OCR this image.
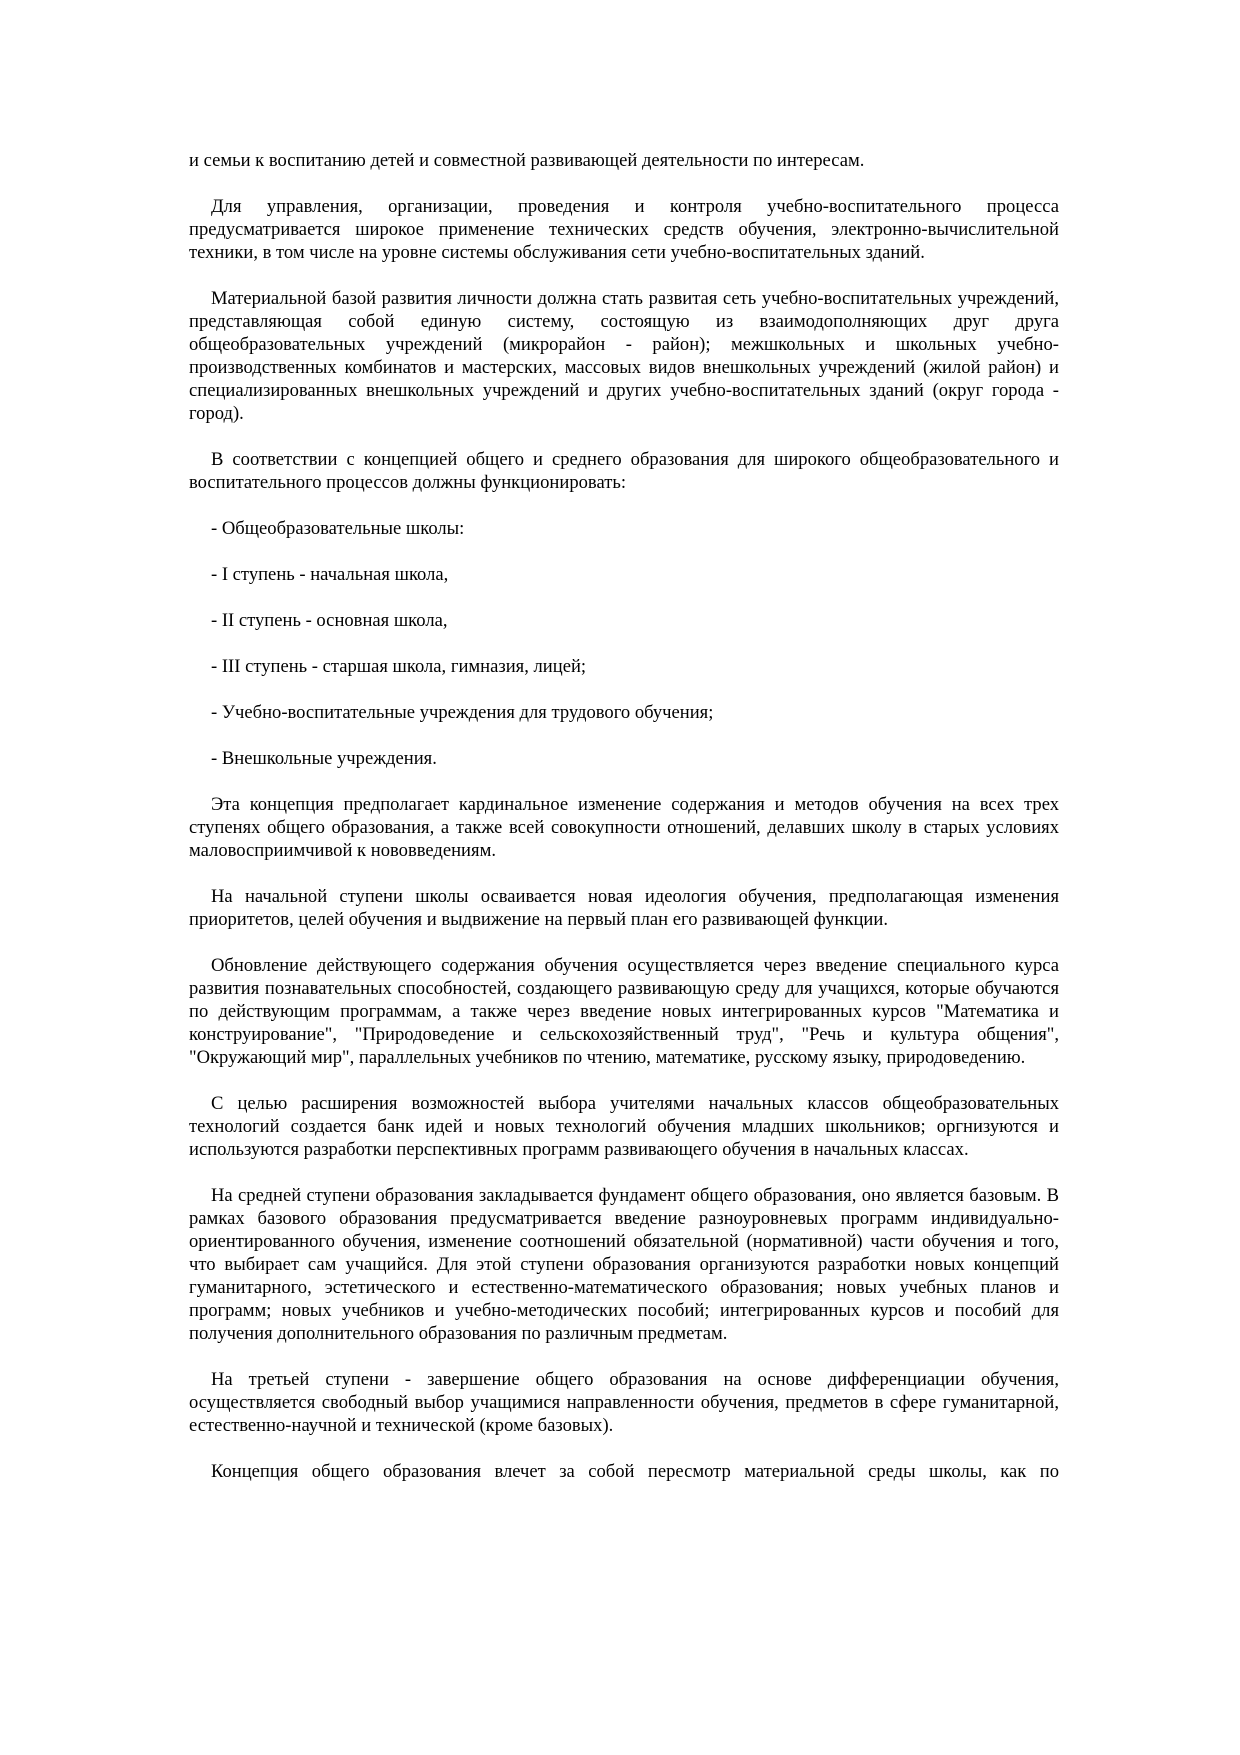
и семьи к воспитанию детей и совместной развивающей деятельности по интересам.

Для управления, организации, проведения и контроля учебно-воспитательного процесса предусматривается широкое применение технических средств обучения, электронно-вычислительной техники, в том числе на уровне системы обслуживания сети учебно-воспитательных зданий.

Материальной базой развития личности должна стать развитая сеть учебно-воспитательных учреждений, представляющая собой единую систему, состоящую из взаимодополняющих друг друга общеобразовательных учреждений (микрорайон - район); межшкольных и школьных учебно-производственных комбинатов и мастерских, массовых видов внешкольных учреждений (жилой район) и специализированных внешкольных учреждений и других учебно-воспитательных зданий (округ города - город).

В соответствии с концепцией общего и среднего образования для широкого общеобразовательного и воспитательного процессов должны функционировать:

- Общеобразовательные школы:

- I ступень - начальная школа,

- II ступень - основная школа,

- III ступень - старшая школа, гимназия, лицей;

- Учебно-воспитательные учреждения для трудового обучения;

- Внешкольные учреждения.

Эта концепция предполагает кардинальное изменение содержания и методов обучения на всех трех ступенях общего образования, а также всей совокупности отношений, делавших школу в старых условиях маловосприимчивой к нововведениям.

На начальной ступени школы осваивается новая идеология обучения, предполагающая изменения приоритетов, целей обучения и выдвижение на первый план его развивающей функции.

Обновление действующего содержания обучения осуществляется через введение специального курса развития познавательных способностей, создающего развивающую среду для учащихся, которые обучаются по действующим программам, а также через введение новых интегрированных курсов "Математика и конструирование", "Природоведение и сельскохозяйственный труд", "Речь и культура общения", "Окружающий мир", параллельных учебников по чтению, математике, русскому языку, природоведению.

С целью расширения возможностей выбора учителями начальных классов общеобразовательных технологий создается банк идей и новых технологий обучения младших школьников; оргнизуются и используются разработки перспективных программ развивающего обучения в начальных классах.

На средней ступени образования закладывается фундамент общего образования, оно является базовым. В рамках базового образования предусматривается введение разноуровневых программ индивидуально-ориентированного обучения, изменение соотношений обязательной (нормативной) части обучения и того, что выбирает сам учащийся. Для этой ступени образования организуются разработки новых концепций гуманитарного, эстетического и естественно-математического образования; новых учебных планов и программ; новых учебников и учебно-методических пособий; интегрированных курсов и пособий для получения дополнительного образования по различным предметам.

На третьей ступени - завершение общего образования на основе дифференциации обучения, осуществляется свободный выбор учащимися направленности обучения, предметов в сфере гуманитарной, естественно-научной и технической (кроме базовых).

Концепция общего образования влечет за собой пересмотр материальной среды школы, как по
